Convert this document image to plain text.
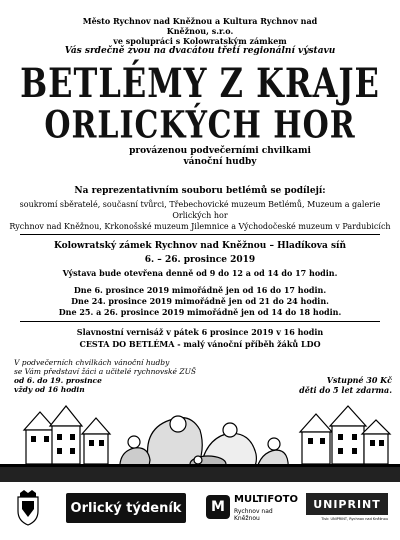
Město Rychnov nad Kněžnou a Kultura Rychnov nad Kněžnou, s.r.o.
ve spolupráci s Kolowratským zámkem
Vás srdečně zvou na dvacátou třetí regionální výstavu
BETLÉMY Z KRAJE
ORLICKÝCH HOR
provázenou podvečerními chvilkami
vánoční hudby
Na reprezentativním souboru betlémů se podílejí:
soukromí sběratelé, současní tvůrci, Třebechovické muzeum Betlémů, Muzeum a galerie Orlických hor
Rychnov nad Kněžnou, Krkonošské muzeum Jilemnice a Východočeské muzeum v Pardubicích
Kolowratský zámek Rychnov nad Kněžnou – Hladíkova síň
6. – 26. prosince 2019
Výstava bude otevřena denně od 9 do 12 a od 14 do 17 hodin.
Dne 6. prosince 2019 mimořádně jen od 16 do 17 hodin.
Dne 24. prosince 2019 mimořádně jen od 21 do 24 hodin.
Dne 25. a 26. prosince 2019 mimořádně jen od 14 do 18 hodin.
Slavnostní vernisáž v pátek 6 prosince 2019 v 16 hodin
CESTA DO BETLÉMA - malý vánoční příběh žáků LDO
V podvečerních chvilkách vánoční hudby
se Vám představí žáci a učitelé rychnovské ZUŠ
od 6. do 19. prosince
vždy od 16 hodin
Vstupné 30 Kč
děti do 5 let zdarma.
Orlický týdeník	M MULTIFOTO
Rychnov nad Kněžnou
UNIPRINT
Tisk: UNIPRINT, Rychnov nad Kněžnou
